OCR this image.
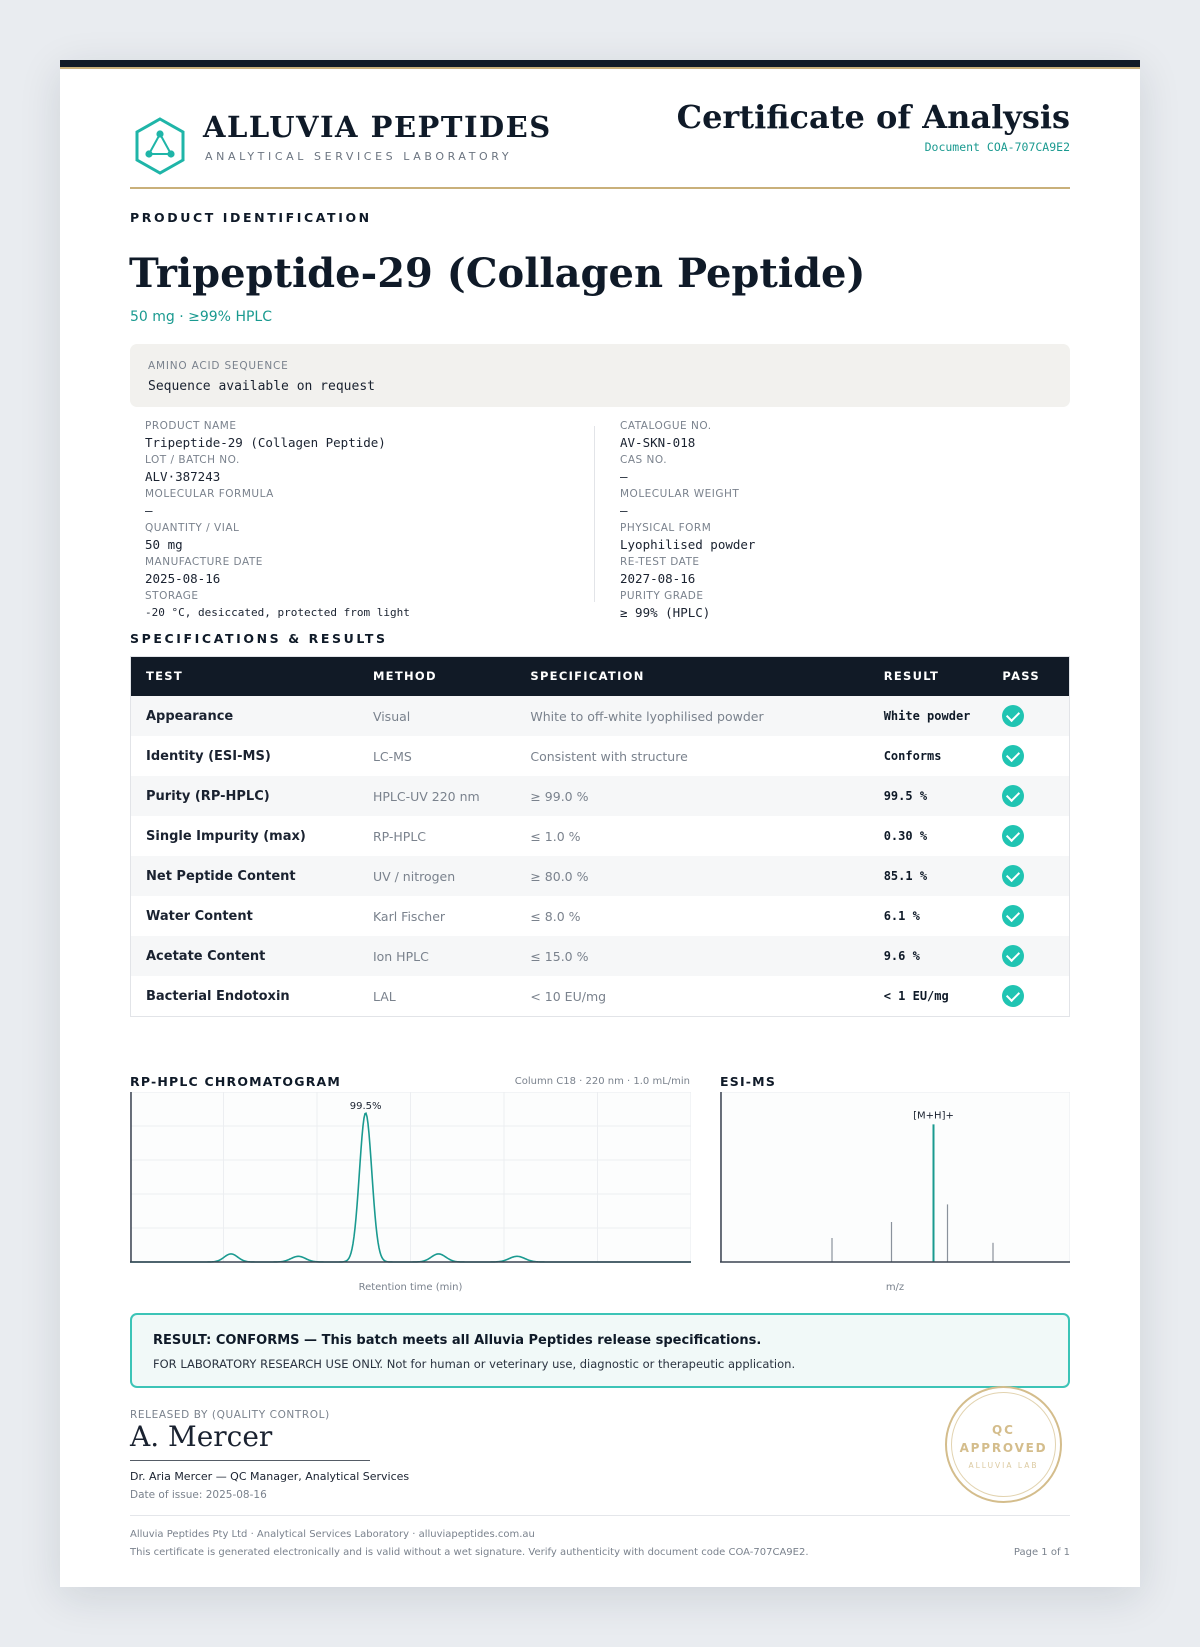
ALLUVIA PEPTIDES
ANALYTICAL SERVICES LABORATORY
Certificate of Analysis
Document COA-707CA9E2
PRODUCT IDENTIFICATION
Tripeptide-29 (Collagen Peptide)
50 mg · ≥99% HPLC
AMINO ACID SEQUENCE
Sequence available on request
PRODUCT NAME
Tripeptide-29 (Collagen Peptide)
LOT / BATCH NO.
ALV·387243
MOLECULAR FORMULA
—
QUANTITY / VIAL
50 mg
MANUFACTURE DATE
2025-08-16
STORAGE
-20 °C, desiccated, protected from light
CATALOGUE NO.
AV-SKN-018
CAS NO.
—
MOLECULAR WEIGHT
—
PHYSICAL FORM
Lyophilised powder
RE-TEST DATE
2027-08-16
PURITY GRADE
≥ 99% (HPLC)
SPECIFICATIONS & RESULTS
TEST	METHOD	SPECIFICATION	RESULT	PASS
Appearance	Visual	White to off-white lyophilised powder	White powder	
Identity (ESI-MS)	LC-MS	Consistent with structure	Conforms	
Purity (RP-HPLC)	HPLC-UV 220 nm	≥ 99.0 %	99.5 %	
Single Impurity (max)	RP-HPLC	≤ 1.0 %	0.30 %	
Net Peptide Content	UV / nitrogen	≥ 80.0 %	85.1 %	
Water Content	Karl Fischer	≤ 8.0 %	6.1 %	
Acetate Content	Ion HPLC	≤ 15.0 %	9.6 %	
Bacterial Endotoxin	LAL	< 10 EU/mg	< 1 EU/mg	
RP-HPLC CHROMATOGRAM	Column C18 · 220 nm · 1.0 mL/min
99.5%
Retention time (min)
ESI-MS
[M+H]+
m/z
RESULT: CONFORMS — This batch meets all Alluvia Peptides release specifications.
FOR LABORATORY RESEARCH USE ONLY. Not for human or veterinary use, diagnostic or therapeutic application.
RELEASED BY (QUALITY CONTROL)
A. Mercer
Dr. Aria Mercer — QC Manager, Analytical Services
Date of issue: 2025-08-16
QC
APPROVED
ALLUVIA LAB
Alluvia Peptides Pty Ltd · Analytical Services Laboratory · alluviapeptides.com.au
This certificate is generated electronically and is valid without a wet signature. Verify authenticity with document code COA-707CA9E2.	Page 1 of 1
